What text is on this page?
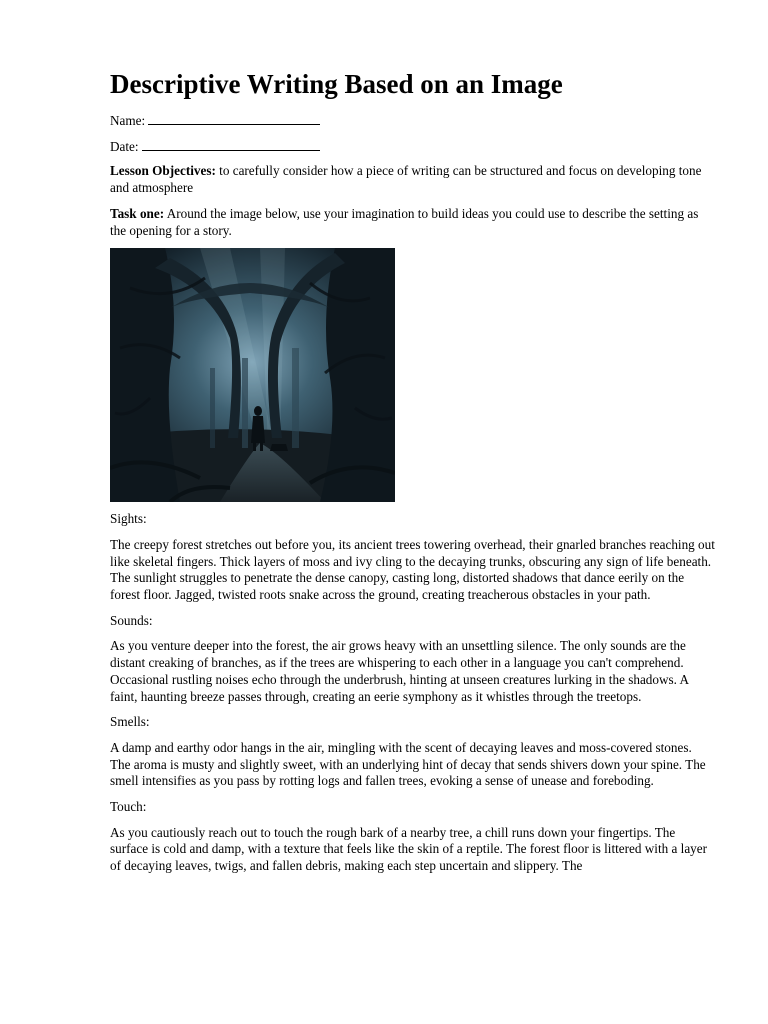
Descriptive Writing Based on an Image

Name:

Date:

Lesson Objectives: to carefully consider how a piece of writing can be structured and focus on developing tone and atmosphere

Task one: Around the image below, use your imagination to build ideas you could use to describe the setting as the opening for a story.

Sights:

The creepy forest stretches out before you, its ancient trees towering overhead, their gnarled branches reaching out like skeletal fingers. Thick layers of moss and ivy cling to the decaying trunks, obscuring any sign of life beneath. The sunlight struggles to penetrate the dense canopy, casting long, distorted shadows that dance eerily on the forest floor. Jagged, twisted roots snake across the ground, creating treacherous obstacles in your path.

Sounds:

As you venture deeper into the forest, the air grows heavy with an unsettling silence. The only sounds are the distant creaking of branches, as if the trees are whispering to each other in a language you can't comprehend. Occasional rustling noises echo through the underbrush, hinting at unseen creatures lurking in the shadows. A faint, haunting breeze passes through, creating an eerie symphony as it whistles through the treetops.

Smells:

A damp and earthy odor hangs in the air, mingling with the scent of decaying leaves and moss-covered stones. The aroma is musty and slightly sweet, with an underlying hint of decay that sends shivers down your spine. The smell intensifies as you pass by rotting logs and fallen trees, evoking a sense of unease and foreboding.

Touch:

As you cautiously reach out to touch the rough bark of a nearby tree, a chill runs down your fingertips. The surface is cold and damp, with a texture that feels like the skin of a reptile. The forest floor is littered with a layer of decaying leaves, twigs, and fallen debris, making each step uncertain and slippery. The
